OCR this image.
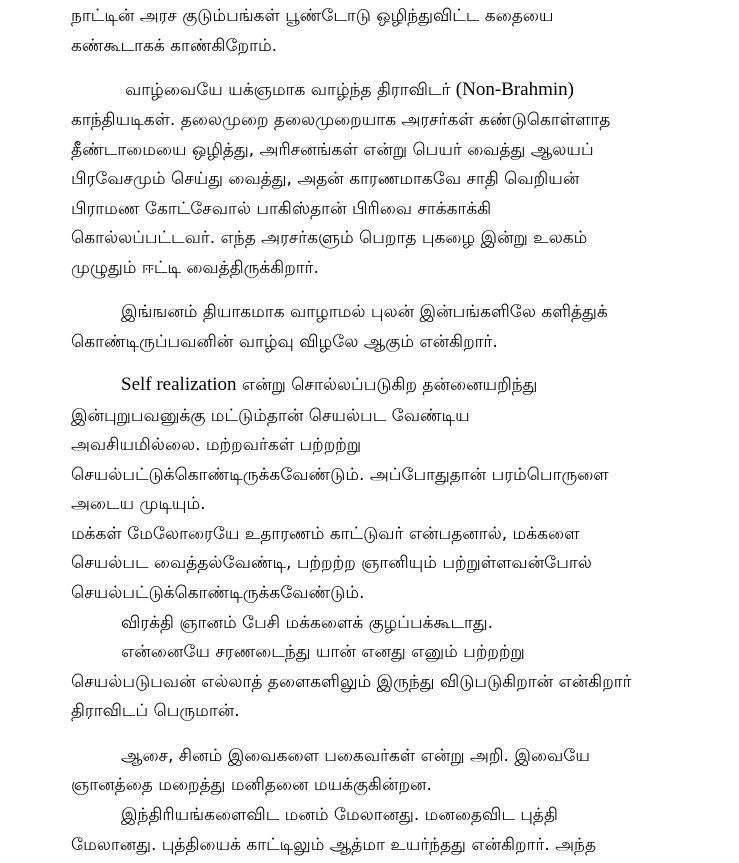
நாட்டின் அரச குடும்பங்கள் பூண்டோடு ஒழிந்துவிட்ட கதையை

கண்கூடாகக் காண்கிறோம்.

வாழ்வையே யக்ஞமாக வாழ்ந்த திராவிடர் (Non-Brahmin)

காந்தியடிகள். தலைமுறை தலைமுறையாக அரசர்கள் கண்டுகொள்ளாத

தீண்டாமையை ஒழித்து, அரிசனங்கள் என்று பெயர் வைத்து ஆலயப்

பிரவேசமும் செய்து வைத்து, அதன் காரணமாகவே சாதி வெறியன்

பிராமண கோட்சேவால் பாகிஸ்தான் பிரிவை சாக்காக்கி

கொல்லப்பட்டவர். எந்த அரசர்களும் பெறாத புகழை இன்று உலகம்

முழுதும் ஈட்டி வைத்திருக்கிறார்.

இங்ஙனம் தியாகமாக வாழாமல் புலன் இன்பங்களிலே களித்துக்

கொண்டிருப்பவனின் வாழ்வு விழலே ஆகும் என்கிறார்.

Self realization என்று சொல்லப்படுகிற தன்னையறிந்து

இன்புறுபவனுக்கு மட்டும்தான் செயல்பட வேண்டிய

அவசியமில்லை. மற்றவர்கள் பற்றற்று

செயல்பட்டுக்கொண்டிருக்கவேண்டும். அப்போதுதான் பரம்பொருளை

அடைய முடியும்.

மக்கள் மேலோரையே உதாரணம் காட்டுவர் என்பதனால், மக்களை

செயல்பட வைத்தல்வேண்டி, பற்றற்ற ஞானியும் பற்றுள்ளவன்போல்

செயல்பட்டுக்கொண்டிருக்கவேண்டும்.

விரக்தி ஞானம் பேசி மக்களைக் குழப்பக்கூடாது.

என்னையே சரணடைந்து யான் எனது எனும் பற்றற்று

செயல்படுபவன் எல்லாத் தளைகளிலும் இருந்து விடுபடுகிறான் என்கிறார்

திராவிடப் பெருமான்.

ஆசை, சினம் இவைகளை பகைவர்கள் என்று அறி. இவையே

ஞானத்தை மறைத்து மனிதனை மயக்குகின்றன.

இந்திரியங்களைவிட மனம் மேலானது. மனதைவிட புத்தி

மேலானது. புத்தியைக் காட்டிலும் ஆத்மா உயர்ந்தது என்கிறார். அந்த
